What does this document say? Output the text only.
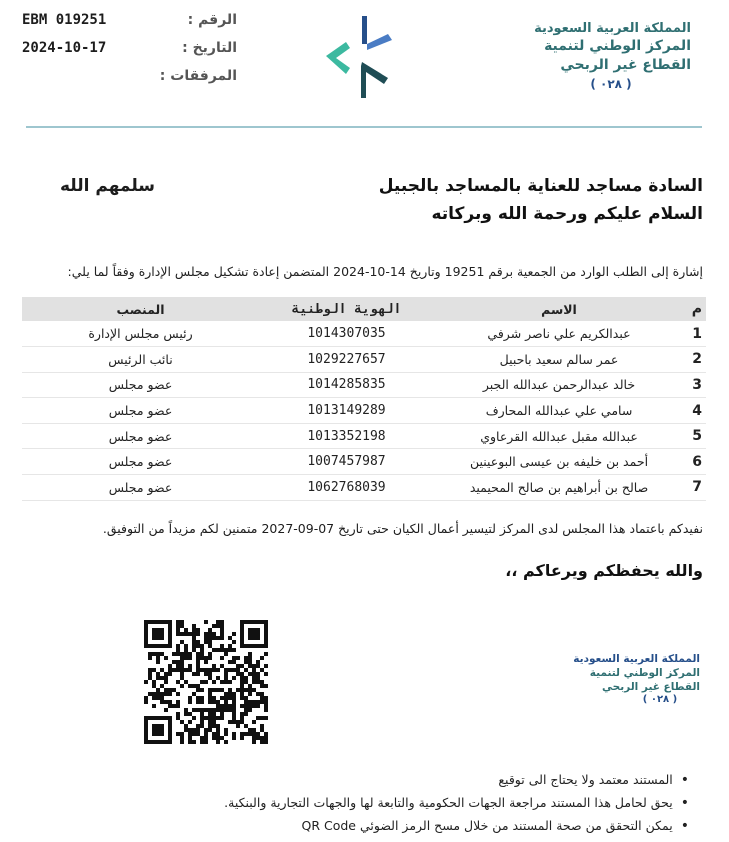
EBM 019251	الرقم :
2024-10-17	التاريخ :
المرفقات :
المملكة العربية السعودية
المركز الوطني لتنمية
القطاع غير الربحي
( ٠٢٨ )
السادة مساجد للعناية بالمساجد بالجبيل
السلام عليكم ورحمة الله وبركاته
سلمهم الله
إشارة إلى الطلب الوارد من الجمعية برقم 19251 وتاريخ 14-10-2024 المتضمن إعادة تشكيل مجلس الإدارة وفقاً لما يلي:
م	الاسم	الهوية الوطنية	المنصب
1	عبدالكريم علي ناصر شرفي	1014307035	رئيس مجلس الإدارة
2	عمر سالم سعيد باحبيل	1029227657	نائب الرئيس
3	خالد عبدالرحمن عبدالله الجبر	1014285835	عضو مجلس
4	سامي علي عبدالله المحارف	1013149289	عضو مجلس
5	عبدالله مقبل عبدالله القرعاوي	1013352198	عضو مجلس
6	أحمد بن خليفه بن عيسى البوعينين	1007457987	عضو مجلس
7	صالح بن أبراهيم بن صالح المحيميد	1062768039	عضو مجلس
نفيدكم باعتماد هذا المجلس لدى المركز لتيسير أعمال الكيان حتى تاريخ 07-09-2027 متمنين لكم مزيداً من التوفيق.
والله يحفظكم ويرعاكم ،،
المملكة العربية السعودية
المركز الوطني لتنمية
القطاع غير الربحي
( ٠٢٨ )
• المستند معتمد ولا يحتاج الى توقيع
• يحق لحامل هذا المستند مراجعة الجهات الحكومية والتابعة لها والجهات التجارية والبنكية.
• يمكن التحقق من صحة المستند من خلال مسح الرمز الضوئي QR Code
